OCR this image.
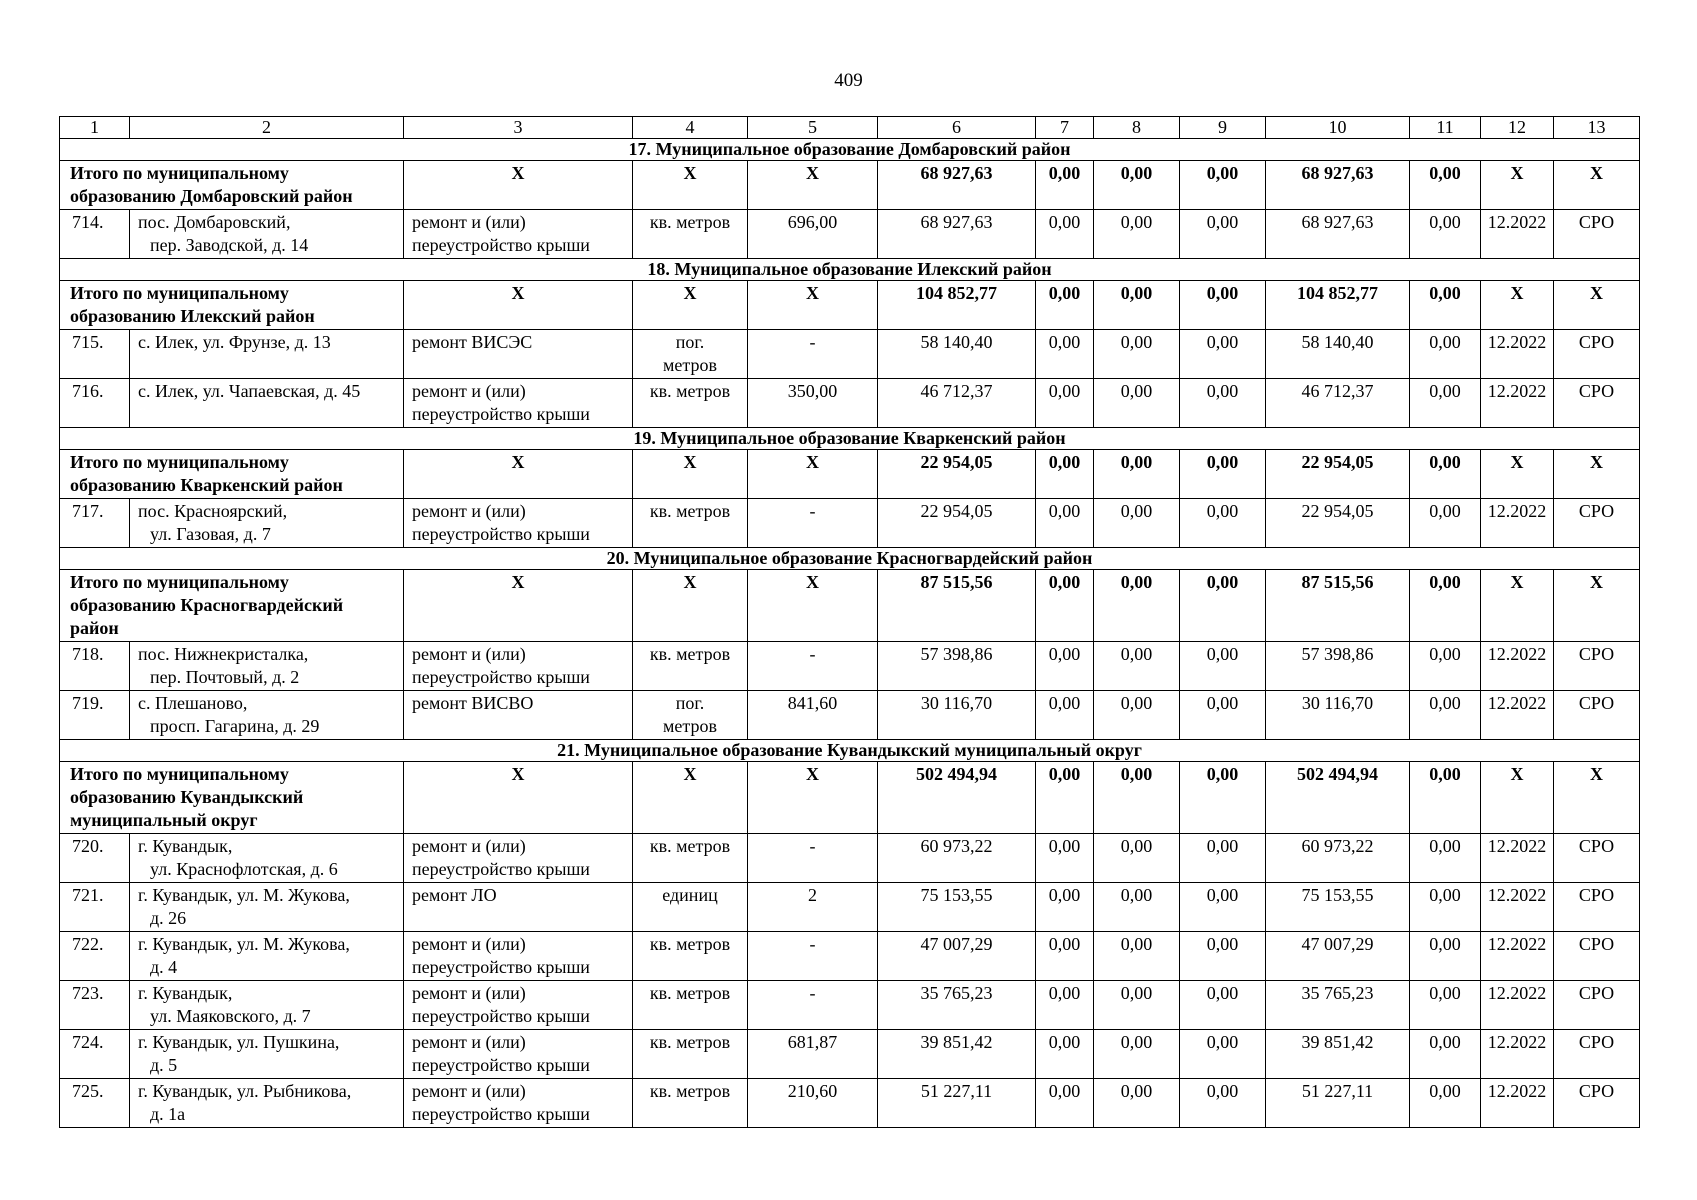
409
1	2	3	4	5	6	7	8	9	10	11	12	13
17. Муниципальное образование Домбаровский район												

Итого по муниципальному
образованию Домбаровский район		X	X	X	68 927,63	0,00	0,00	0,00	68 927,63	0,00	X	X
714.	пос. Домбаровский,
пер. Заводской, д. 14	ремонт и (или)
переустройство крыши	кв. метров	696,00	68 927,63	0,00	0,00	0,00	68 927,63	0,00	12.2022	СРО
18. Муниципальное образование Илекский район												

Итого по муниципальному
образованию Илекский район		X	X	X	104 852,77	0,00	0,00	0,00	104 852,77	0,00	X	X
715.	с. Илек, ул. Фрунзе, д. 13	ремонт ВИСЭС	пог.
метров	-	58 140,40	0,00	0,00	0,00	58 140,40	0,00	12.2022	СРО
716.	с. Илек, ул. Чапаевская, д. 45	ремонт и (или)
переустройство крыши	кв. метров	350,00	46 712,37	0,00	0,00	0,00	46 712,37	0,00	12.2022	СРО
19. Муниципальное образование Кваркенский район												

Итого по муниципальному
образованию Кваркенский район		X	X	X	22 954,05	0,00	0,00	0,00	22 954,05	0,00	X	X
717.	пос. Красноярский,
ул. Газовая, д. 7	ремонт и (или)
переустройство крыши	кв. метров	-	22 954,05	0,00	0,00	0,00	22 954,05	0,00	12.2022	СРО
20. Муниципальное образование Красногвардейский район												

Итого по муниципальному
образованию Красногвардейский
район		X	X	X	87 515,56	0,00	0,00	0,00	87 515,56	0,00	X	X
718.	пос. Нижнекристалка,
пер. Почтовый, д. 2	ремонт и (или)
переустройство крыши	кв. метров	-	57 398,86	0,00	0,00	0,00	57 398,86	0,00	12.2022	СРО
719.	с. Плешаново,
просп. Гагарина, д. 29	ремонт ВИСВО	пог.
метров	841,60	30 116,70	0,00	0,00	0,00	30 116,70	0,00	12.2022	СРО
21. Муниципальное образование Кувандыкский муниципальный округ												

Итого по муниципальному
образованию Кувандыкский
муниципальный округ		X	X	X	502 494,94	0,00	0,00	0,00	502 494,94	0,00	X	X
720.	г. Кувандык,
ул. Краснофлотская, д. 6	ремонт и (или)
переустройство крыши	кв. метров	-	60 973,22	0,00	0,00	0,00	60 973,22	0,00	12.2022	СРО
721.	г. Кувандык, ул. М. Жукова,
д. 26	ремонт ЛО	единиц	2	75 153,55	0,00	0,00	0,00	75 153,55	0,00	12.2022	СРО
722.	г. Кувандык, ул. М. Жукова,
д. 4	ремонт и (или)
переустройство крыши	кв. метров	-	47 007,29	0,00	0,00	0,00	47 007,29	0,00	12.2022	СРО
723.	г. Кувандык,
ул. Маяковского, д. 7	ремонт и (или)
переустройство крыши	кв. метров	-	35 765,23	0,00	0,00	0,00	35 765,23	0,00	12.2022	СРО
724.	г. Кувандык, ул. Пушкина,
д. 5	ремонт и (или)
переустройство крыши	кв. метров	681,87	39 851,42	0,00	0,00	0,00	39 851,42	0,00	12.2022	СРО
725.	г. Кувандык, ул. Рыбникова,
д. 1а	ремонт и (или)
переустройство крыши	кв. метров	210,60	51 227,11	0,00	0,00	0,00	51 227,11	0,00	12.2022	СРО
